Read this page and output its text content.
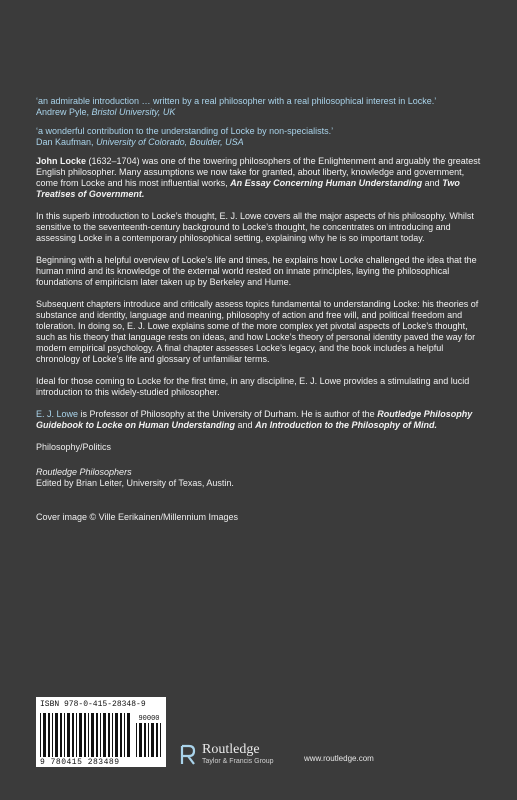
‘an admirable introduction … written by a real philosopher with a real philosophical interest in Locke.’
Andrew Pyle, Bristol University, UK
‘a wonderful contribution to the understanding of Locke by non-specialists.’
Dan Kaufman, University of Colorado, Boulder, USA

John Locke (1632–1704) was one of the towering philosophers of the Enlightenment and arguably the greatest English philosopher. Many assumptions we now take for granted, about liberty, knowledge and government, come from Locke and his most influential works, An Essay Concerning Human Understanding and Two Treatises of Government.

In this superb introduction to Locke’s thought, E. J. Lowe covers all the major aspects of his philosophy. Whilst sensitive to the seventeenth-century background to Locke’s thought, he concentrates on introducing and assessing Locke in a contemporary philosophical setting, explaining why he is so important today.

Beginning with a helpful overview of Locke’s life and times, he explains how Locke challenged the idea that the human mind and its knowledge of the external world rested on innate principles, laying the philosophical foundations of empiricism later taken up by Berkeley and Hume.

Subsequent chapters introduce and critically assess topics fundamental to understanding Locke: his theories of substance and identity, language and meaning, philosophy of action and free will, and political freedom and toleration. In doing so, E. J. Lowe explains some of the more complex yet pivotal aspects of Locke’s thought, such as his theory that language rests on ideas, and how Locke’s theory of personal identity paved the way for modern empirical psychology. A final chapter assesses Locke’s legacy, and the book includes a helpful chronology of Locke’s life and glossary of unfamiliar terms.

Ideal for those coming to Locke for the first time, in any discipline, E. J. Lowe provides a stimulating and lucid introduction to this widely-studied philosopher.

E. J. Lowe is Professor of Philosophy at the University of Durham. He is author of the Routledge Philosophy Guidebook to Locke on Human Understanding and An Introduction to the Philosophy of Mind.

Philosophy/Politics

Routledge Philosophers

Edited by Brian Leiter, University of Texas, Austin.

Cover image © Ville Eerikainen/Millennium Images

ISBN 978-0-415-28348-9
90000
9 780415 283489
Routledge
Taylor & Francis Group	www.routledge.com
